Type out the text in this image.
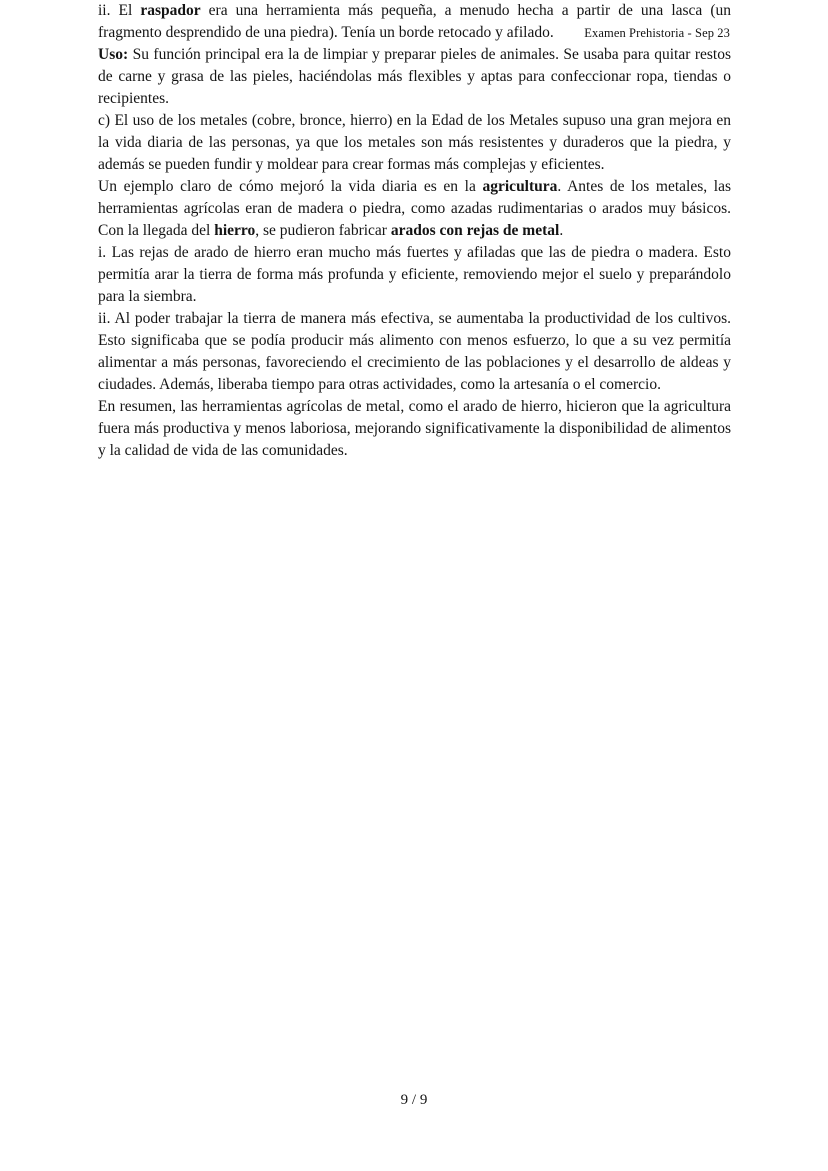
Examen Prehistoria - Sep 23

ii. El raspador era una herramienta más pequeña, a menudo hecha a partir de una lasca (un fragmento desprendido de una piedra). Tenía un borde retocado y afilado.

Uso: Su función principal era la de limpiar y preparar pieles de animales. Se usaba para quitar restos de carne y grasa de las pieles, haciéndolas más flexibles y aptas para confeccionar ropa, tiendas o recipientes.

c) El uso de los metales (cobre, bronce, hierro) en la Edad de los Metales supuso una gran mejora en la vida diaria de las personas, ya que los metales son más resistentes y duraderos que la piedra, y además se pueden fundir y moldear para crear formas más complejas y eficientes.

Un ejemplo claro de cómo mejoró la vida diaria es en la agricultura. Antes de los metales, las herramientas agrícolas eran de madera o piedra, como azadas rudimentarias o arados muy básicos. Con la llegada del hierro, se pudieron fabricar arados con rejas de metal.

i. Las rejas de arado de hierro eran mucho más fuertes y afiladas que las de piedra o madera. Esto permitía arar la tierra de forma más profunda y eficiente, removiendo mejor el suelo y preparándolo para la siembra.

ii. Al poder trabajar la tierra de manera más efectiva, se aumentaba la productividad de los cultivos. Esto significaba que se podía producir más alimento con menos esfuerzo, lo que a su vez permitía alimentar a más personas, favoreciendo el crecimiento de las poblaciones y el desarrollo de aldeas y ciudades. Además, liberaba tiempo para otras actividades, como la artesanía o el comercio.

En resumen, las herramientas agrícolas de metal, como el arado de hierro, hicieron que la agricultura fuera más productiva y menos laboriosa, mejorando significativamente la disponibilidad de alimentos y la calidad de vida de las comunidades.

9 / 9
